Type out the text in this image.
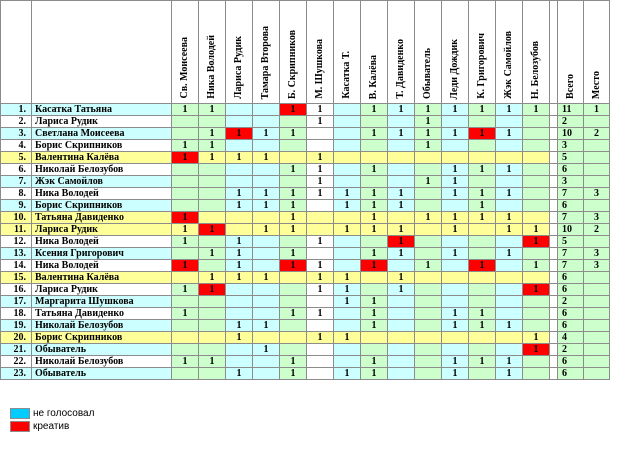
		Св. Моисеева	Ника Володей	Лариса Рудик	Тамара Второва	Б. Скрипников	М. Шушкова	Касатка Т.	В. Калёва	Т. Давиденко	Обыватель	Леди Дождик	К. Григорович	Жэк Самойлов	Н. Белозубов		Всего	Место

1.	Касатка Татьяна	1	1			1	1		1	1	1	1	1	1	1		11	1
2.	Лариса Рудик						1				1						2	
3.	Светлана Моисеева		1	1	1	1			1	1	1	1	1	1			10	2
4.	Борис Скрипников	1	1								1						3	
5.	Валентина Калёва	1	1	1	1		1										5	
6.	Николай Белозубов					1	1		1			1	1	1			6	
7.	Жэк Самойлов						1				1	1					3	
8.	Ника Володей			1	1	1	1	1	1	1		1	1	1			7	3
9.	Борис Скрипников			1	1	1		1	1	1			1				6	
10.	Татьяна Давиденко	1				1			1		1	1	1	1			7	3
11.	Лариса Рудик	1	1		1	1		1	1	1		1		1	1		10	2
12.	Ника Володей	1		1			1			1					1		5	
13.	Ксения Григорович		1	1		1			1	1		1		1			7	3
14.	Ника Володей	1		1		1	1		1		1		1		1		7	3
15.	Валентина Калёва		1	1	1		1	1		1							6	
16.	Лариса Рудик	1	1				1	1		1					1		6	
17.	Маргарита Шушкова							1	1								2	
18.	Татьяна Давиденко	1				1	1		1			1	1				6	
19.	Николай Белозубов			1	1				1			1	1	1			6	
20.	Борис Скрипников			1			1	1							1		4	
21.	Обыватель				1										1		2	
22.	Николай Белозубов	1	1			1			1			1	1	1			6	
23.	Обыватель			1		1		1	1			1		1			6	
не голосовал
креатив
